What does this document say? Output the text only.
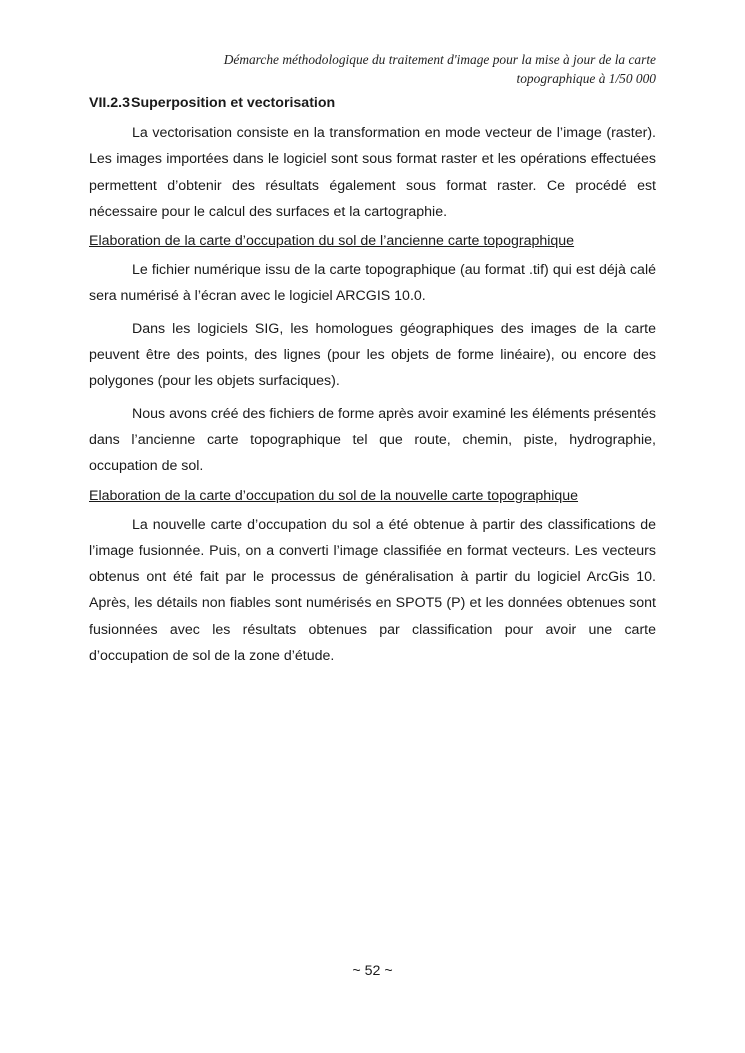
Démarche méthodologique du traitement d'image pour la mise à jour de la carte
topographique à 1/50 000
VII.2.3Superposition et vectorisation

La vectorisation consiste en la transformation en mode vecteur de l’image (raster). Les images importées dans le logiciel sont sous format raster et les opérations effectuées permettent d’obtenir des résultats également sous format raster. Ce procédé est nécessaire pour le calcul des surfaces et la cartographie.

Elaboration de la carte d’occupation du sol de l’ancienne carte topographique

Le fichier numérique issu de la carte topographique (au format .tif) qui est déjà calé sera numérisé à l’écran avec le logiciel ARCGIS 10.0.

Dans les logiciels SIG, les homologues géographiques des images de la carte peuvent être des points, des lignes (pour les objets de forme linéaire), ou encore des polygones (pour les objets surfaciques).

Nous avons créé des fichiers de forme après avoir examiné les éléments présentés dans l’ancienne carte topographique tel que route, chemin, piste, hydrographie, occupation de sol.

Elaboration de la carte d’occupation du sol de la nouvelle carte topographique

La nouvelle carte d’occupation du sol a été obtenue à partir des classifications de l’image fusionnée. Puis, on a converti l’image classifiée en format vecteurs. Les vecteurs obtenus ont été fait par le processus de généralisation à partir du logiciel ArcGis 10. Après, les détails non fiables sont numérisés en SPOT5 (P) et les données obtenues sont fusionnées avec les résultats obtenues par classification pour avoir une carte d’occupation de sol de la zone d’étude.

~ 52 ~
